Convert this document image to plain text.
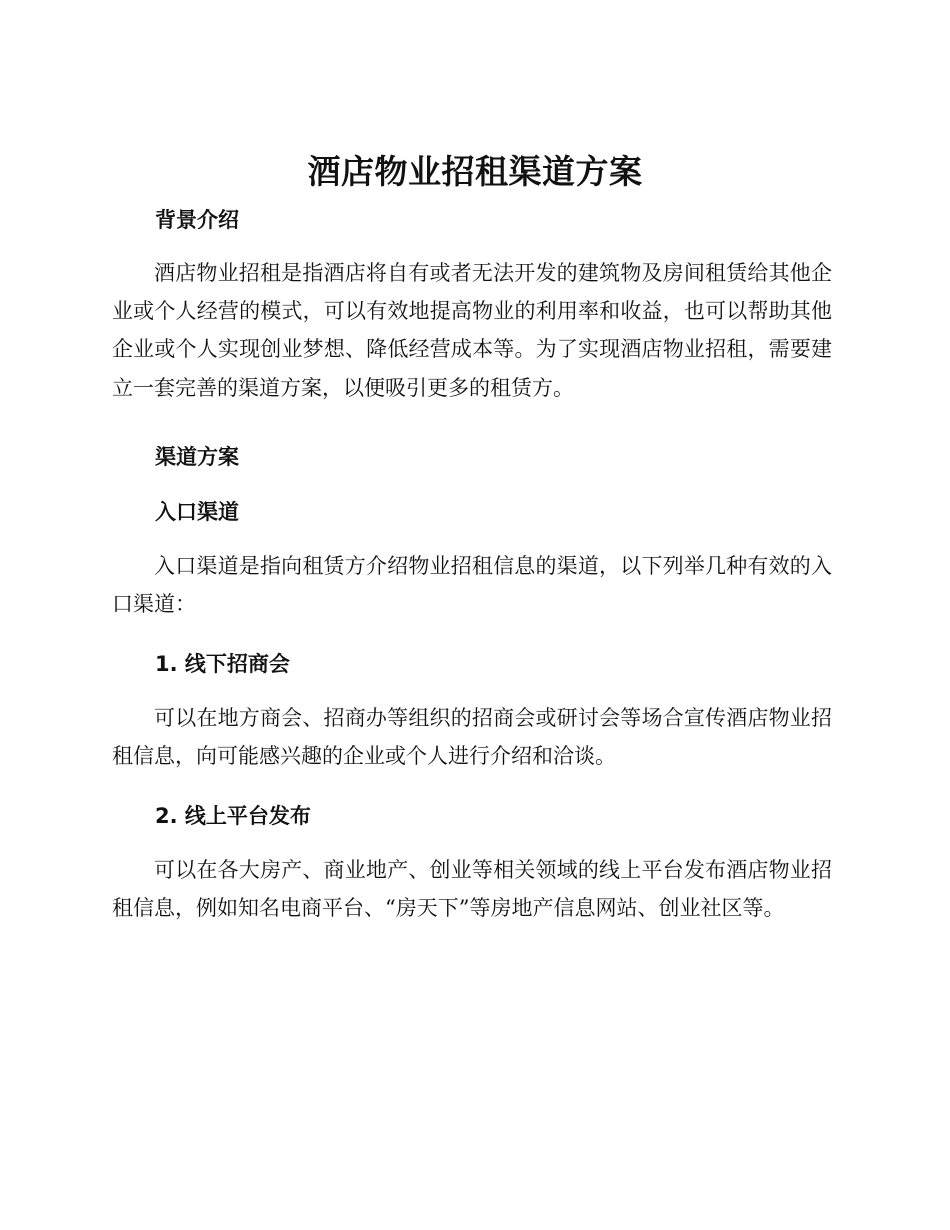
酒店物业招租渠道方案
背景介绍
酒店物业招租是指酒店将自有或者无法开发的建筑物及房间租赁给其他企业或个人经营的模式，可以有效地提高物业的利用率和收益，也可以帮助其他企业或个人实现创业梦想、降低经营成本等。为了实现酒店物业招租，需要建立一套完善的渠道方案，以便吸引更多的租赁方。
渠道方案
入口渠道
入口渠道是指向租赁方介绍物业招租信息的渠道，以下列举几种有效的入口渠道：
1. 线下招商会
可以在地方商会、招商办等组织的招商会或研讨会等场合宣传酒店物业招租信息，向可能感兴趣的企业或个人进行介绍和洽谈。
2. 线上平台发布
可以在各大房产、商业地产、创业等相关领域的线上平台发布酒店物业招租信息，例如知名电商平台、“房天下”等房地产信息网站、创业社区等。
